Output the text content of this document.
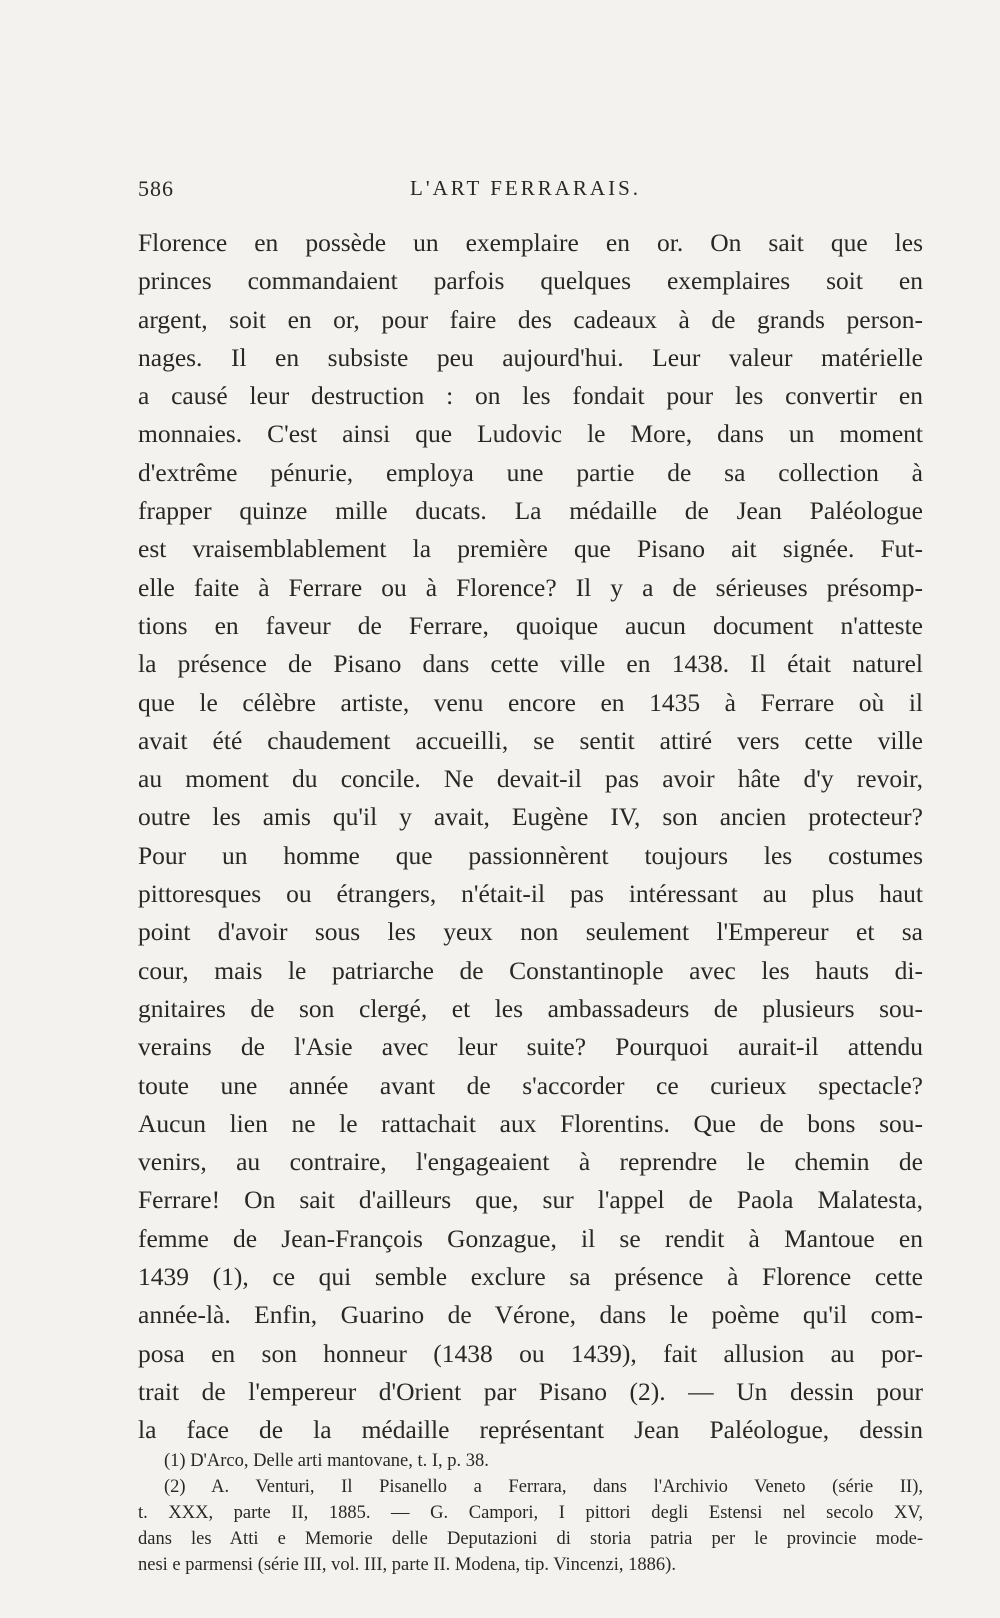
586	L'ART FERRARAIS.
Florence en possède un exemplaire en or. On sait que les
princes commandaient parfois quelques exemplaires soit en
argent, soit en or, pour faire des cadeaux à de grands person-
nages. Il en subsiste peu aujourd'hui. Leur valeur matérielle
a causé leur destruction : on les fondait pour les convertir en
monnaies. C'est ainsi que Ludovic le More, dans un moment
d'extrême pénurie, employa une partie de sa collection à
frapper quinze mille ducats. La médaille de Jean Paléologue
est vraisemblablement la première que Pisano ait signée. Fut-
elle faite à Ferrare ou à Florence? Il y a de sérieuses présomp-
tions en faveur de Ferrare, quoique aucun document n'atteste
la présence de Pisano dans cette ville en 1438. Il était naturel
que le célèbre artiste, venu encore en 1435 à Ferrare où il
avait été chaudement accueilli, se sentit attiré vers cette ville
au moment du concile. Ne devait-il pas avoir hâte d'y revoir,
outre les amis qu'il y avait, Eugène IV, son ancien protecteur?
Pour un homme que passionnèrent toujours les costumes
pittoresques ou étrangers, n'était-il pas intéressant au plus haut
point d'avoir sous les yeux non seulement l'Empereur et sa
cour, mais le patriarche de Constantinople avec les hauts di-
gnitaires de son clergé, et les ambassadeurs de plusieurs sou-
verains de l'Asie avec leur suite? Pourquoi aurait-il attendu
toute une année avant de s'accorder ce curieux spectacle?
Aucun lien ne le rattachait aux Florentins. Que de bons sou-
venirs, au contraire, l'engageaient à reprendre le chemin de
Ferrare! On sait d'ailleurs que, sur l'appel de Paola Malatesta,
femme de Jean-François Gonzague, il se rendit à Mantoue en
1439 (1), ce qui semble exclure sa présence à Florence cette
année-là. Enfin, Guarino de Vérone, dans le poème qu'il com-
posa en son honneur (1438 ou 1439), fait allusion au por-
trait de l'empereur d'Orient par Pisano (2). — Un dessin pour
la face de la médaille représentant Jean Paléologue, dessin
(1) D'Arco, Delle arti mantovane, t. I, p. 38.
(2) A. Venturi, Il Pisanello a Ferrara, dans l'Archivio Veneto (série II),
t. XXX, parte II, 1885. — G. Campori, I pittori degli Estensi nel secolo XV,
dans les Atti e Memorie delle Deputazioni di storia patria per le provincie mode-
nesi e parmensi (série III, vol. III, parte II. Modena, tip. Vincenzi, 1886).
